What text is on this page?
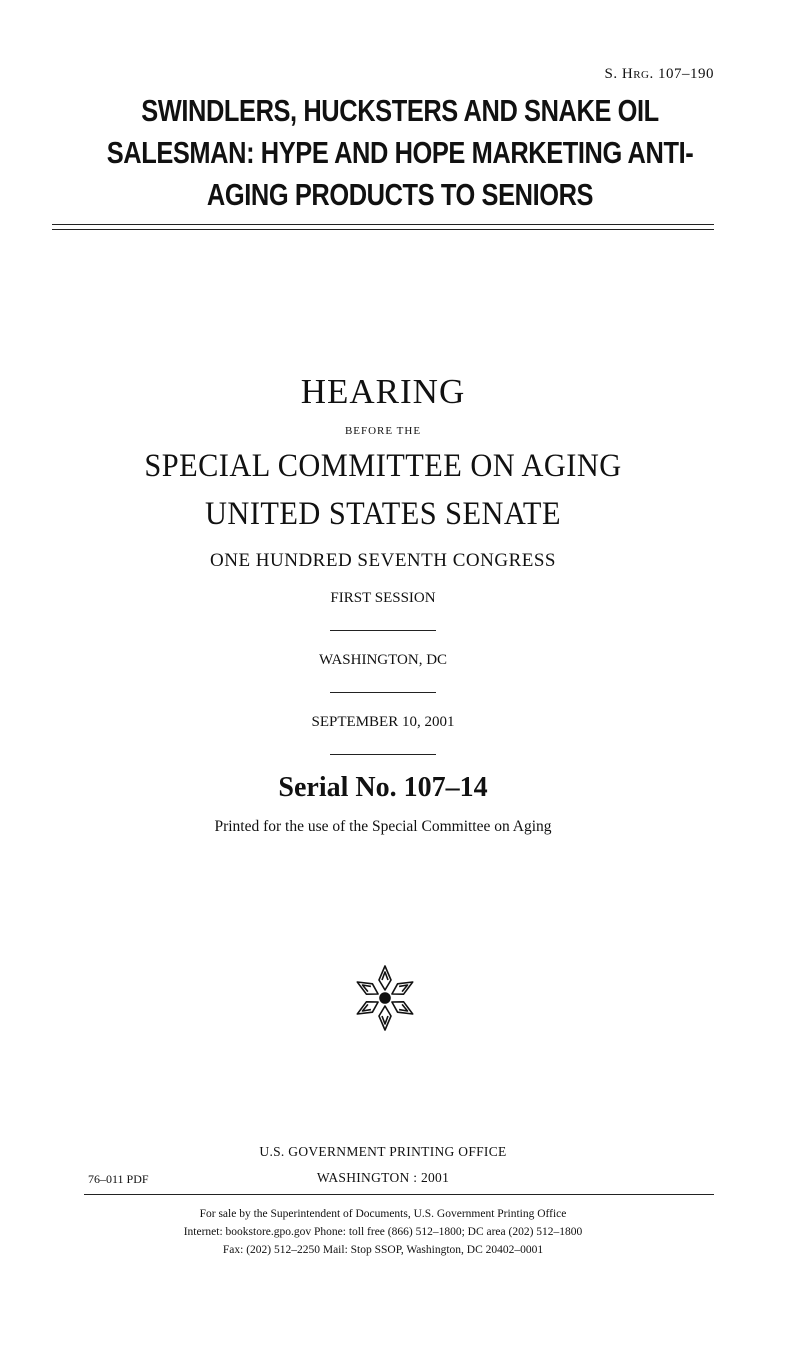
S. Hrg. 107–190
SWINDLERS, HUCKSTERS AND SNAKE OIL
SALESMAN: HYPE AND HOPE MARKETING ANTI-
AGING PRODUCTS TO SENIORS
HEARING
BEFORE THE
SPECIAL COMMITTEE ON AGING
UNITED STATES SENATE
ONE HUNDRED SEVENTH CONGRESS
FIRST SESSION
WASHINGTON, DC
SEPTEMBER 10, 2001
Serial No. 107–14
Printed for the use of the Special Committee on Aging
U.S. GOVERNMENT PRINTING OFFICE
WASHINGTON : 2001
76–011 PDF
For sale by the Superintendent of Documents, U.S. Government Printing Office
Internet: bookstore.gpo.gov Phone: toll free (866) 512–1800; DC area (202) 512–1800
Fax: (202) 512–2250 Mail: Stop SSOP, Washington, DC 20402–0001
